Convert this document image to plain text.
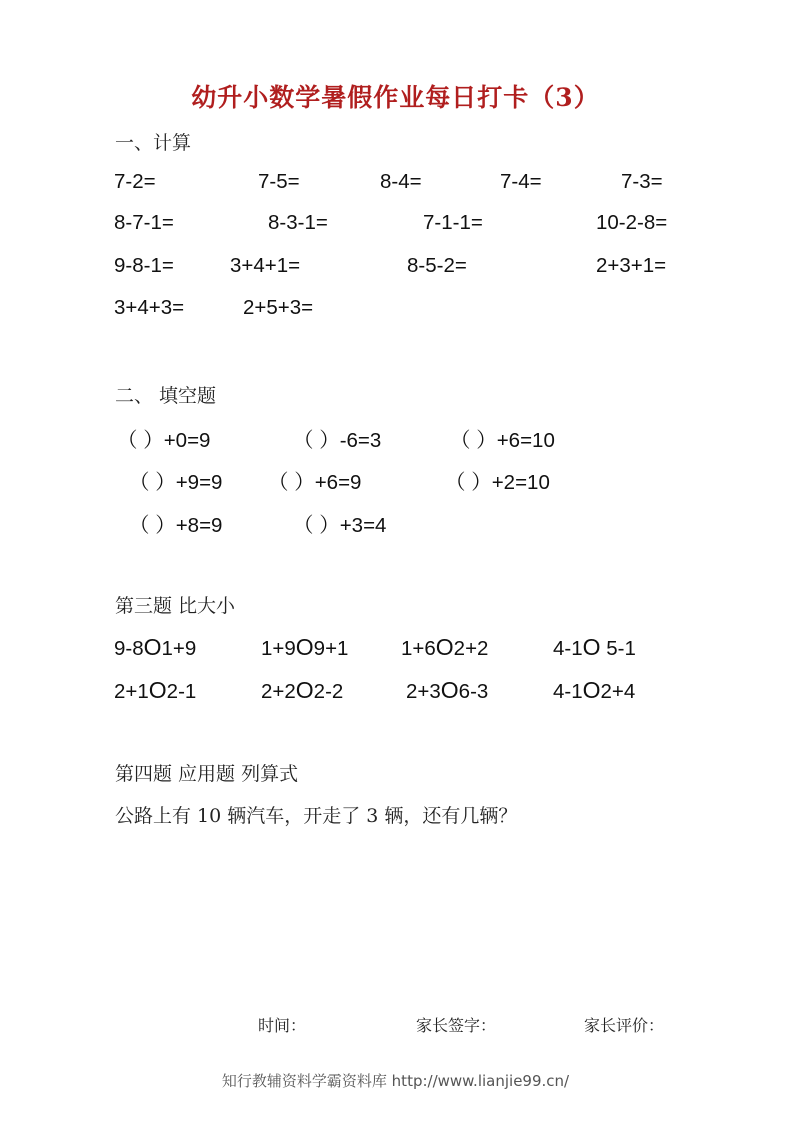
幼升小数学暑假作业每日打卡（3）
一、计算
7-2=	7-5=	8-4=	7-4=	7-3=
8-7-1=	8-3-1=	7-1-1=	10-2-8=
9-8-1=	3+4+1=	8-5-2=	2+3+1=
3+4+3=	2+5+3=
二、 填空题
（ ）+0=9	（ ）-6=3	（ ）+6=10
（ ）+9=9 （ ）+6=9	（ ）+2=10
（ ）+8=9	（ ）+3=4
第三题 比大小
9-8O1+9	1+9O9+1	1+6O2+2	4-1O 5-1
2+1O2-1	2+2O2-2	2+3O6-3	4-1O2+4
第四题 应用题 列算式
公路上有 10 辆汽车，开走了 3 辆，还有几辆？
时间：	家长签字：	家长评价：
知行教辅资料学霸资料库 http://www.lianjie99.cn/
